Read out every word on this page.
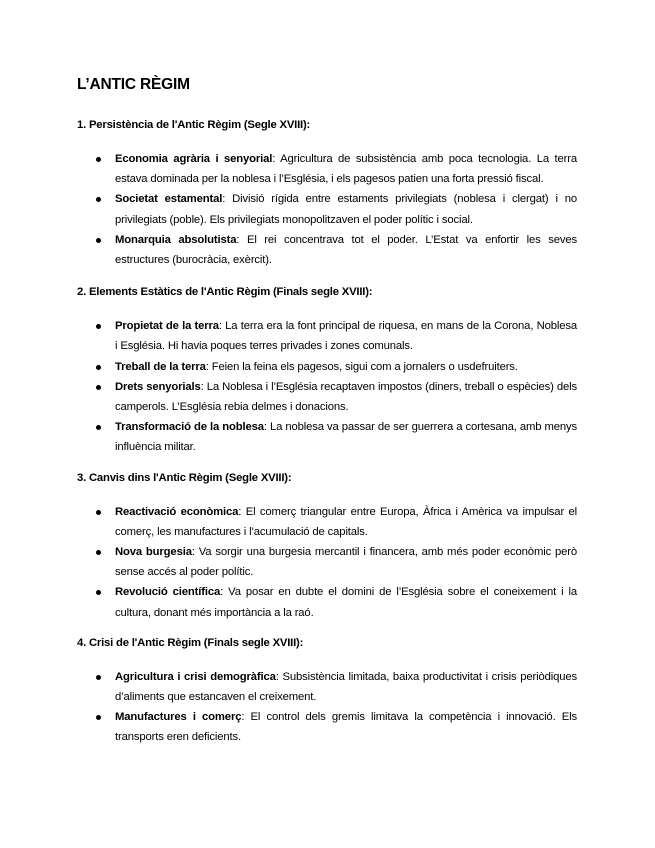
L’ANTIC RÈGIM
1. Persistència de l'Antic Règim (Segle XVIII):
Economia agrària i senyorial: Agricultura de subsistència amb poca tecnologia. La terra estava dominada per la noblesa i l’Església, i els pagesos patien una forta pressió fiscal.
Societat estamental: Divisió rígida entre estaments privilegiats (noblesa i clergat) i no privilegiats (poble). Els privilegiats monopolitzaven el poder polític i social.
Monarquia absolutista: El rei concentrava tot el poder. L’Estat va enfortir les seves estructures (burocràcia, exèrcit).
2. Elements Estàtics de l'Antic Règim (Finals segle XVIII):
Propietat de la terra: La terra era la font principal de riquesa, en mans de la Corona, Noblesa i Església. Hi havia poques terres privades i zones comunals.
Treball de la terra: Feien la feina els pagesos, sigui com a jornalers o usdefruiters.
Drets senyorials: La Noblesa i l’Església recaptaven impostos (diners, treball o espècies) dels camperols. L’Església rebia delmes i donacions.
Transformació de la noblesa: La noblesa va passar de ser guerrera a cortesana, amb menys influència militar.
3. Canvis dins l'Antic Règim (Segle XVIII):
Reactivació econòmica: El comerç triangular entre Europa, Àfrica i Amèrica va impulsar el comerç, les manufactures i l’acumulació de capitals.
Nova burgesia: Va sorgir una burgesia mercantil i financera, amb més poder econòmic però sense accés al poder polític.
Revolució científica: Va posar en dubte el domini de l’Església sobre el coneixement i la cultura, donant més importància a la raó.
4. Crisi de l'Antic Règim (Finals segle XVIII):
Agricultura i crisi demogràfica: Subsistència limitada, baixa productivitat i crisis periòdiques d’aliments que estancaven el creixement.
Manufactures i comerç: El control dels gremis limitava la competència i innovació. Els transports eren deficients.
